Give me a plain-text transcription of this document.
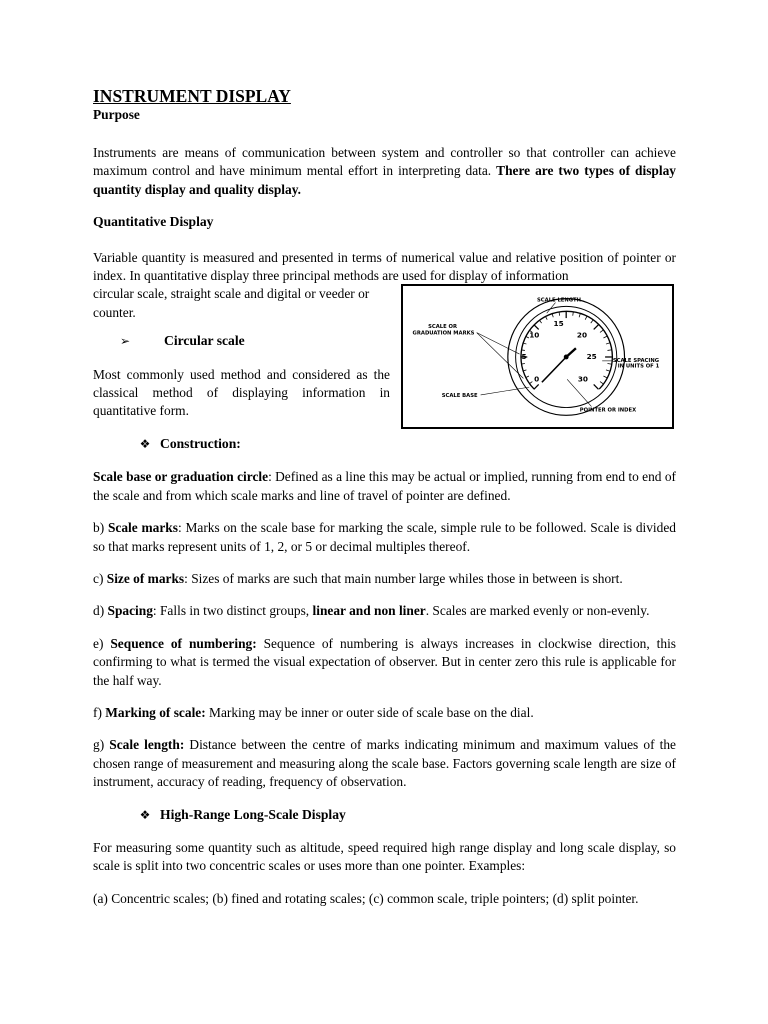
INSTRUMENT DISPLAY
Purpose

Instruments are means of communication between system and controller so that controller can achieve maximum control and have minimum mental effort in interpreting data. There are two types of display quantity display and quality display.

Quantitative Display

Variable quantity is measured and presented in terms of numerical value and relative position of pointer or index. In quantitative display three principal methods are used for display of information

circular scale, straight scale and digital or veeder or counter.

➢ Circular scale

Most commonly used method and considered as the classical method of displaying information in quantitative form.

❖ Construction:

Scale base or graduation circle: Defined as a line this may be actual or implied, running from end to end of the scale and from which scale marks and line of travel of pointer are defined.

b) Scale marks: Marks on the scale base for marking the scale, simple rule to be followed. Scale is divided so that marks represent units of 1, 2, or 5 or decimal multiples thereof.

c) Size of marks: Sizes of marks are such that main number large whiles those in between is short.

d) Spacing: Falls in two distinct groups, linear and non liner. Scales are marked evenly or non-evenly.

e) Sequence of numbering: Sequence of numbering is always increases in clockwise direction, this confirming to what is termed the visual expectation of observer. But in center zero this rule is applicable for the half way.

f) Marking of scale: Marking may be inner or outer side of scale base on the dial.

g) Scale length: Distance between the centre of marks indicating minimum and maximum values of the chosen range of measurement and measuring along the scale base. Factors governing scale length are size of instrument, accuracy of reading, frequency of observation.

❖ High-Range Long-Scale Display

For measuring some quantity such as altitude, speed required high range display and long scale display, so scale is split into two concentric scales or uses more than one pointer. Examples:

(a) Concentric scales; (b) fined and rotating scales; (c) common scale, triple pointers; (d) split pointer.

0
5
10
15
20
25
30
SCALE LENGTH
SCALE OR
GRADUATION MARKS
SCALE SPACING
IN UNITS OF 1
SCALE BASE
POINTER OR INDEX
